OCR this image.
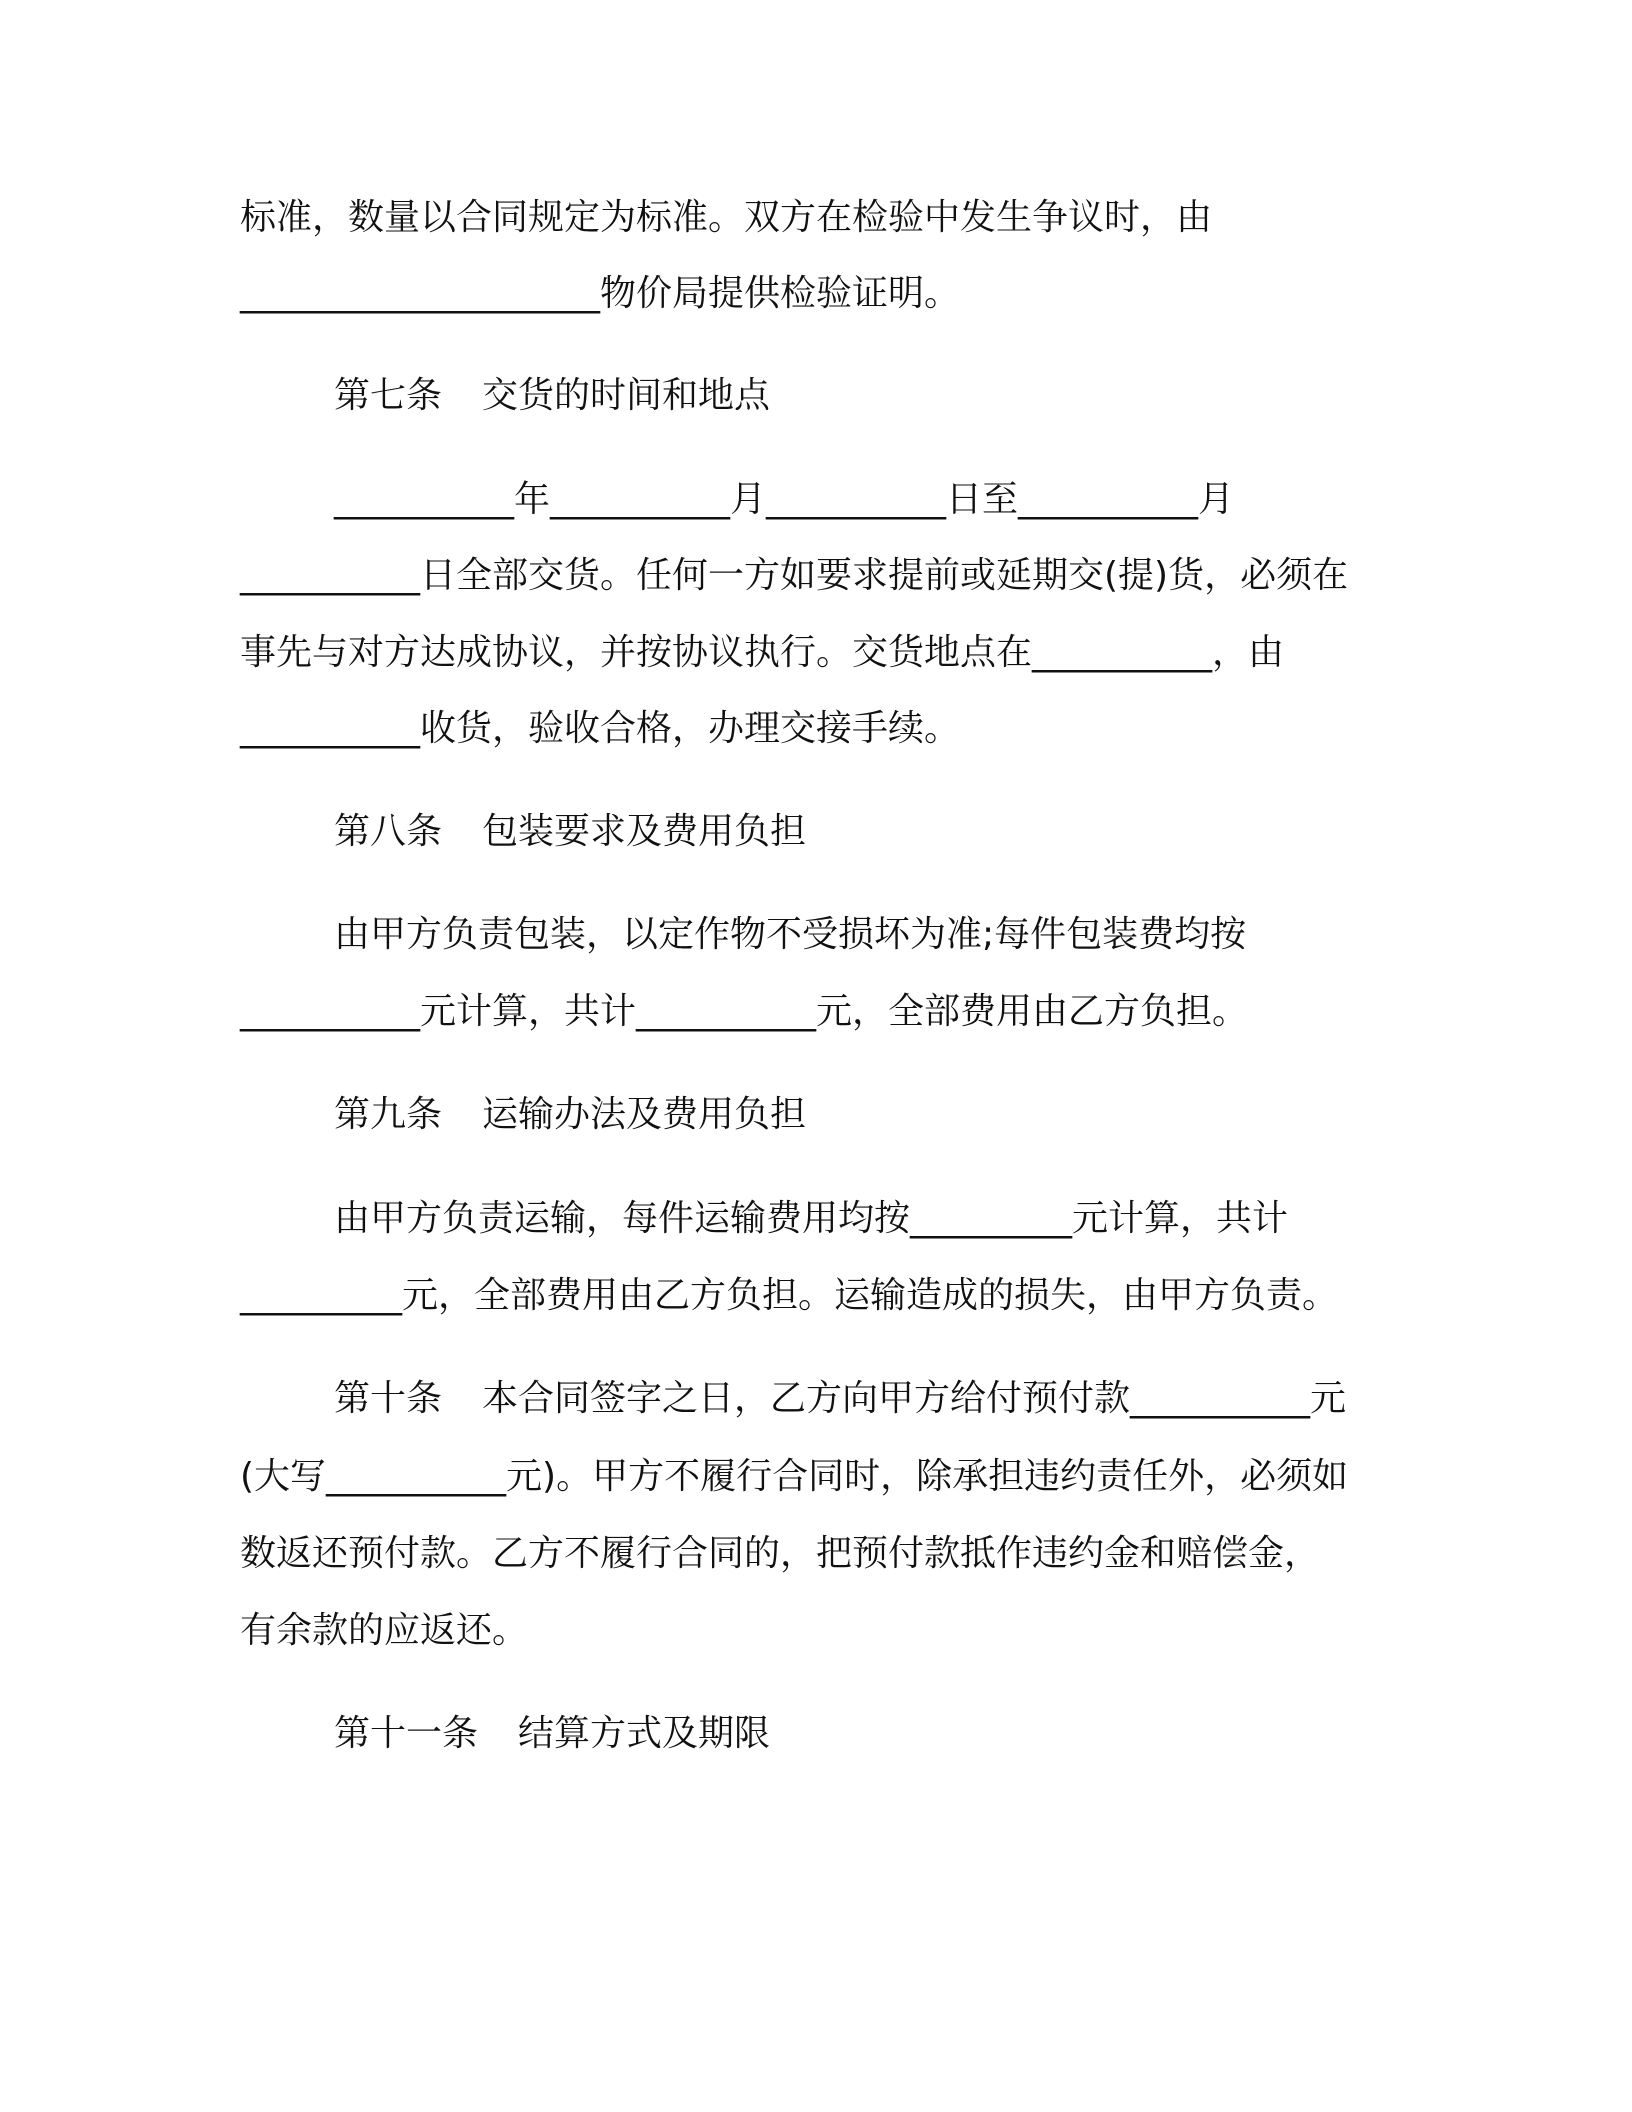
标准，数量以合同规定为标准。双方在检验中发生争议时，由
____________________物价局提供检验证明。
第七条 交货的时间和地点
__________年__________月__________日至__________月
__________日全部交货。任何一方如要求提前或延期交(提)货，必须在
事先与对方达成协议，并按协议执行。交货地点在__________，由
__________收货，验收合格，办理交接手续。
第八条 包装要求及费用负担
由甲方负责包装，以定作物不受损坏为准;每件包装费均按
__________元计算，共计__________元，全部费用由乙方负担。
第九条 运输办法及费用负担
由甲方负责运输，每件运输费用均按_________元计算，共计
_________元，全部费用由乙方负担。运输造成的损失，由甲方负责。
第十条 本合同签字之日，乙方向甲方给付预付款__________元
(大写__________元)。甲方不履行合同时，除承担违约责任外，必须如
数返还预付款。乙方不履行合同的，把预付款抵作违约金和赔偿金，
有余款的应返还。
第十一条 结算方式及期限
